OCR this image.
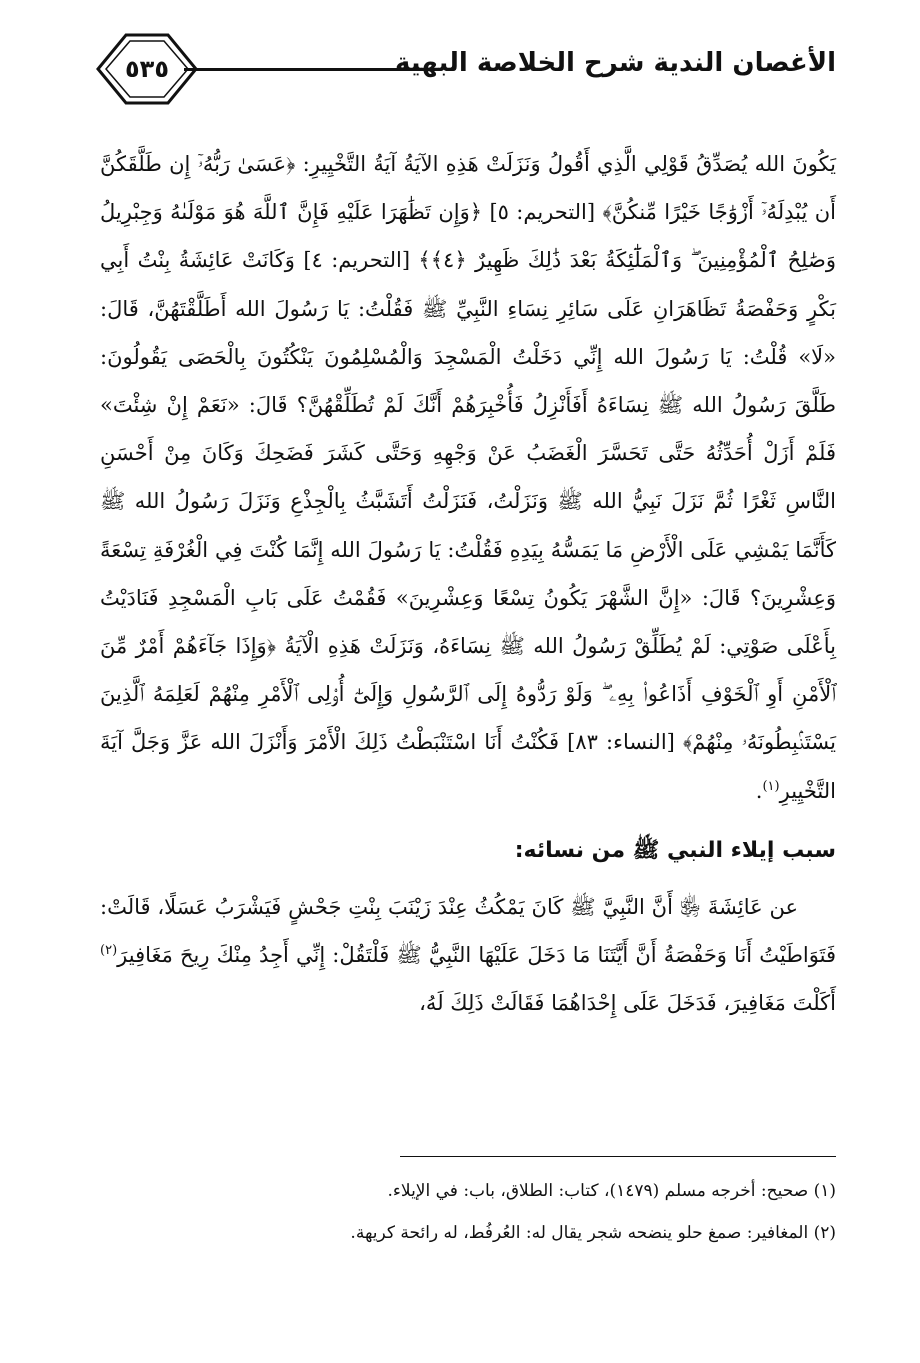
الأغصان الندية شرح الخلاصة البهية
٥٣٥

يَكُونَ الله يُصَدِّقُ قَوْلِي الَّذِي أَقُولُ وَنَزَلَتْ هَذِهِ الآيَةُ آيَةُ التَّخْيِيرِ: ﴿عَسَىٰ رَبُّهُۥٓ إِن طَلَّقَكُنَّ أَن يُبْدِلَهُۥٓ أَزْوَٰجًا خَيْرًا مِّنكُنَّ﴾ [التحريم: ٥] ﴿وَإِن تَظَٰهَرَا عَلَيْهِ فَإِنَّ ٱللَّهَ هُوَ مَوْلَىٰهُ وَجِبْرِيلُ وَصَٰلِحُ ٱلْمُؤْمِنِينَ ۖ وَٱلْمَلَٰٓئِكَةُ بَعْدَ ذَٰلِكَ ظَهِيرٌ ﴿٤﴾﴾ [التحريم: ٤] وَكَانَتْ عَائِشَةُ بِنْتُ أَبِي بَكْرٍ وَحَفْصَةُ تَظَاهَرَانِ عَلَى سَائِرِ نِسَاءِ النَّبِيِّ ﷺ فَقُلْتُ: يَا رَسُولَ الله أَطَلَّقْتَهُنَّ، قَالَ: «لَا» قُلْتُ: يَا رَسُولَ الله إِنِّي دَخَلْتُ الْمَسْجِدَ وَالْمُسْلِمُونَ يَنْكُتُونَ بِالْحَصَى يَقُولُونَ: طَلَّقَ رَسُولُ الله ﷺ نِسَاءَهُ أَفَأَنْزِلُ فَأُخْبِرَهُمْ أَنَّكَ لَمْ تُطَلِّقْهُنَّ؟ قَالَ: «نَعَمْ إِنْ شِئْتَ» فَلَمْ أَزَلْ أُحَدِّثُهُ حَتَّى تَحَسَّرَ الْغَضَبُ عَنْ وَجْهِهِ وَحَتَّى كَشَرَ فَضَحِكَ وَكَانَ مِنْ أَحْسَنِ النَّاسِ ثَغْرًا ثُمَّ نَزَلَ نَبِيُّ الله ﷺ وَنَزَلْتُ، فَنَزَلْتُ أَتَشَبَّثُ بِالْجِذْعِ وَنَزَلَ رَسُولُ الله ﷺ كَأَنَّمَا يَمْشِي عَلَى الْأَرْضِ مَا يَمَسُّهُ بِيَدِهِ فَقُلْتُ: يَا رَسُولَ الله إِنَّمَا كُنْتَ فِي الْغُرْفَةِ تِسْعَةً وَعِشْرِينَ؟ قَالَ: «إِنَّ الشَّهْرَ يَكُونُ تِسْعًا وَعِشْرِينَ» فَقُمْتُ عَلَى بَابِ الْمَسْجِدِ فَنَادَيْتُ بِأَعْلَى صَوْتِي: لَمْ يُطَلِّقْ رَسُولُ الله ﷺ نِسَاءَهُ، وَنَزَلَتْ هَذِهِ الْآيَةُ ﴿وَإِذَا جَآءَهُمْ أَمْرٌ مِّنَ ٱلْأَمْنِ أَوِ ٱلْخَوْفِ أَذَاعُوا۟ بِهِۦ ۖ وَلَوْ رَدُّوهُ إِلَى ٱلرَّسُولِ وَإِلَىٰٓ أُو۟لِى ٱلْأَمْرِ مِنْهُمْ لَعَلِمَهُ ٱلَّذِينَ يَسْتَنۢبِطُونَهُۥ مِنْهُمْ﴾ [النساء: ٨٣] فَكُنْتُ أَنَا اسْتَنْبَطْتُ ذَلِكَ الْأَمْرَ وَأَنْزَلَ الله عَزَّ وَجَلَّ آيَةَ التَّخْيِيرِ$^{(١)}$.

سبب إيلاء النبي ﷺ من نسائه:

عن عَائِشَةَ ﵂ أَنَّ النَّبِيَّ ﷺ كَانَ يَمْكُثُ عِنْدَ زَيْنَبَ بِنْتِ جَحْشٍ فَيَشْرَبُ عَسَلًا، قَالَتْ: فَتَوَاطَيْتُ أَنَا وَحَفْصَةُ أَنَّ أَيَّتَنَا مَا دَخَلَ عَلَيْهَا النَّبِيُّ ﷺ فَلْتَقُلْ: إِنِّي أَجِدُ مِنْكَ رِيحَ مَغَافِيرَ$^{(٢)}$ أَكَلْتَ مَغَافِيرَ، فَدَخَلَ عَلَى إِحْدَاهُمَا فَقَالَتْ ذَلِكَ لَهُ،

(١) صحيح: أخرجه مسلم (١٤٧٩)، كتاب: الطلاق، باب: في الإيلاء.

(٢) المغافير: صمغ حلو ينضحه شجر يقال له: العُرفُط، له رائحة كريهة.
